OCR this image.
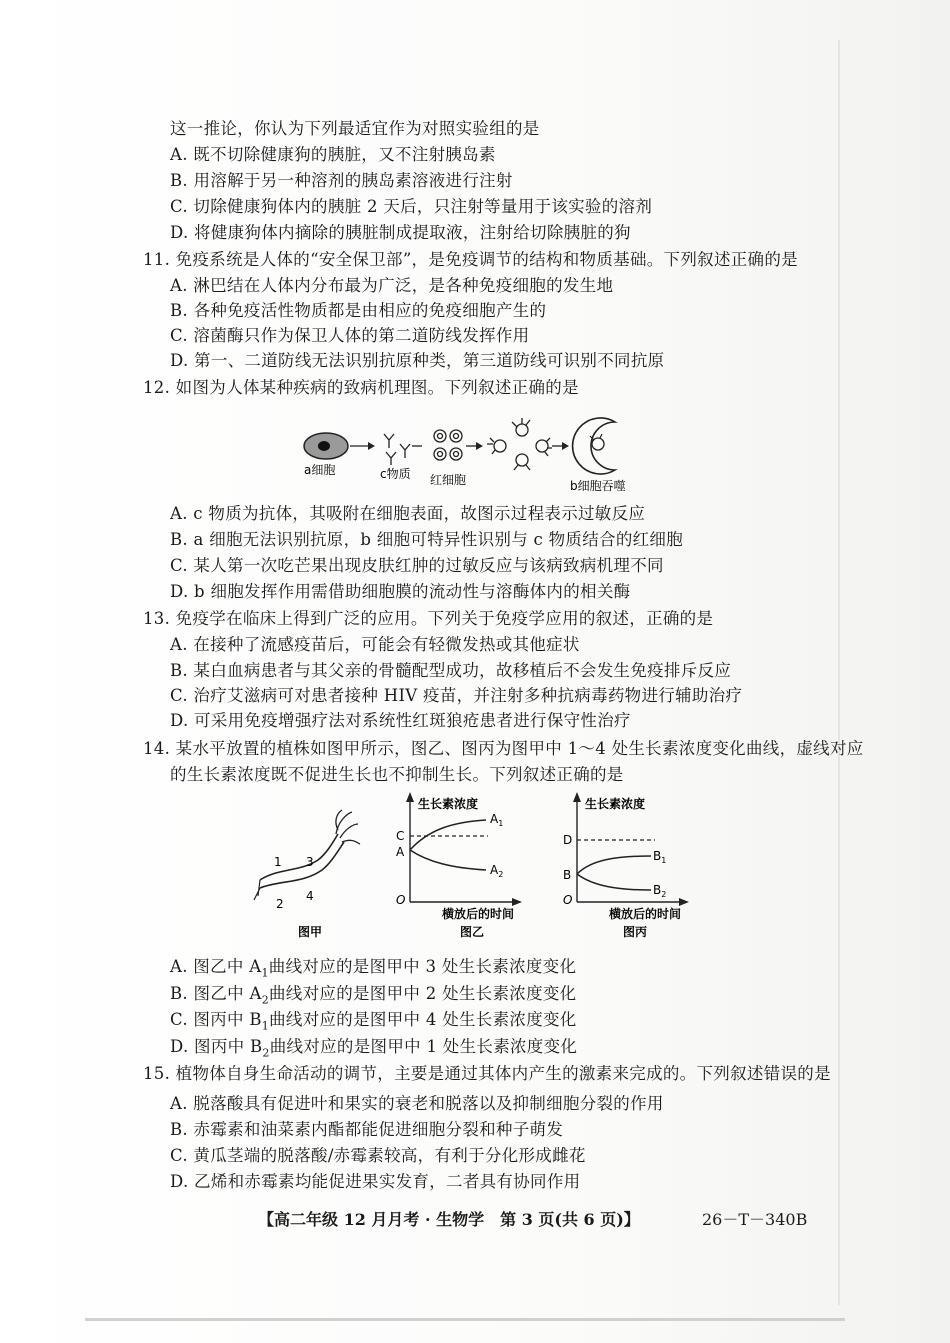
这一推论，你认为下列最适宜作为对照实验组的是
A. 既不切除健康狗的胰脏，又不注射胰岛素
B. 用溶解于另一种溶剂的胰岛素溶液进行注射
C. 切除健康狗体内的胰脏 2 天后，只注射等量用于该实验的溶剂
D. 将健康狗体内摘除的胰脏制成提取液，注射给切除胰脏的狗
11. 免疫系统是人体的“安全保卫部”，是免疫调节的结构和物质基础。下列叙述正确的是
A. 淋巴结在人体内分布最为广泛，是各种免疫细胞的发生地
B. 各种免疫活性物质都是由相应的免疫细胞产生的
C. 溶菌酶只作为保卫人体的第二道防线发挥作用
D. 第一、二道防线无法识别抗原种类，第三道防线可识别不同抗原
12. 如图为人体某种疾病的致病机理图。下列叙述正确的是
a细胞	c物质 红细胞	b细胞吞噬
A. c 物质为抗体，其吸附在细胞表面，故图示过程表示过敏反应
B. a 细胞无法识别抗原，b 细胞可特异性识别与 c 物质结合的红细胞
C. 某人第一次吃芒果出现皮肤红肿的过敏反应与该病致病机理不同
D. b 细胞发挥作用需借助细胞膜的流动性与溶酶体内的相关酶
13. 免疫学在临床上得到广泛的应用。下列关于免疫学应用的叙述，正确的是
A. 在接种了流感疫苗后，可能会有轻微发热或其他症状
B. 某白血病患者与其父亲的骨髓配型成功，故移植后不会发生免疫排斥反应
C. 治疗艾滋病可对患者接种 HIV 疫苗，并注射多种抗病毒药物进行辅助治疗
D. 可采用免疫增强疗法对系统性红斑狼疮患者进行保守性治疗
14. 某水平放置的植株如图甲所示，图乙、图丙为图甲中 1～4 处生长素浓度变化曲线，虚线对应
的生长素浓度既不促进生长也不抑制生长。下列叙述正确的是
1 3
2
4
图甲
生长素浓度
C
A
O
$A_1$
$A_2$
横放后的时间
图乙
生长素浓度
D
B
O
$B_1$
$B_2$
横放后的时间
图丙
A. 图乙中 $A_1$曲线对应的是图甲中 3 处生长素浓度变化
B. 图乙中 $A_2$曲线对应的是图甲中 2 处生长素浓度变化
C. 图丙中 $B_1$曲线对应的是图甲中 4 处生长素浓度变化
D. 图丙中 $B_2$曲线对应的是图甲中 1 处生长素浓度变化
15. 植物体自身生命活动的调节，主要是通过其体内产生的激素来完成的。下列叙述错误的是
A. 脱落酸具有促进叶和果实的衰老和脱落以及抑制细胞分裂的作用
B. 赤霉素和油菜素内酯都能促进细胞分裂和种子萌发
C. 黄瓜茎端的脱落酸/赤霉素较高，有利于分化形成雌花
D. 乙烯和赤霉素均能促进果实发育，二者具有协同作用
【高二年级 12 月月考 · 生物学　第 3 页(共 6 页)】	26－T－340B
